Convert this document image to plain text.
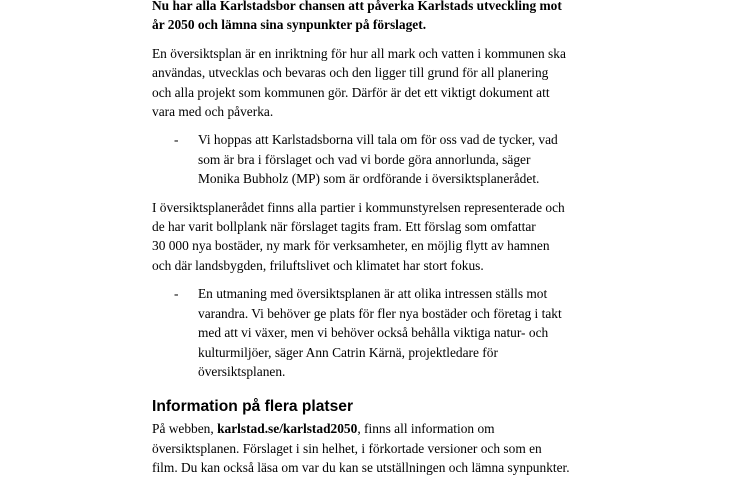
Nu har alla Karlstadsbor chansen att påverka Karlstads utveckling mot
år 2050 och lämna sina synpunkter på förslaget.

En översiktsplan är en inriktning för hur all mark och vatten i kommunen ska
användas, utvecklas och bevaras och den ligger till grund för all planering
och alla projekt som kommunen gör. Därför är det ett viktigt dokument att
vara med och påverka.

- Vi hoppas att Karlstadsborna vill tala om för oss vad de tycker, vad
som är bra i förslaget och vad vi borde göra annorlunda, säger
Monika Bubholz (MP) som är ordförande i översiktsplanerådet.

I översiktsplanerådet finns alla partier i kommunstyrelsen representerade och
de har varit bollplank när förslaget tagits fram. Ett förslag som omfattar
30 000 nya bostäder, ny mark för verksamheter, en möjlig flytt av hamnen
och där landsbygden, friluftslivet och klimatet har stort fokus.

- En utmaning med översiktsplanen är att olika intressen ställs mot
varandra. Vi behöver ge plats för fler nya bostäder och företag i takt
med att vi växer, men vi behöver också behålla viktiga natur- och
kulturmiljöer, säger Ann Catrin Kärnä, projektledare för
översiktsplanen.

Information på flera platser

På webben, karlstad.se/karlstad2050, finns all information om
översiktsplanen. Förslaget i sin helhet, i förkortade versioner och som en
film. Du kan också läsa om var du kan se utställningen och lämna synpunkter.
